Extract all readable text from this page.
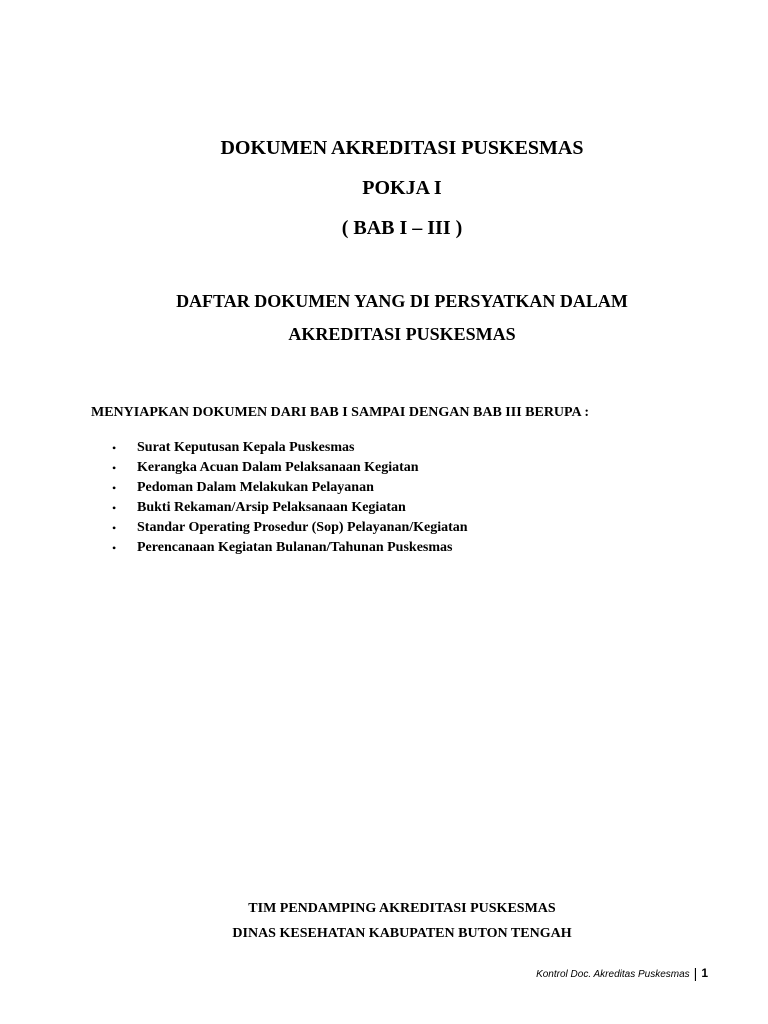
DOKUMEN AKREDITASI PUSKESMAS
POKJA I
( BAB I – III )
DAFTAR DOKUMEN YANG DI PERSYATKAN DALAM
AKREDITASI PUSKESMAS
MENYIAPKAN DOKUMEN DARI BAB I SAMPAI DENGAN BAB III BERUPA :
•	Surat Keputusan Kepala Puskesmas
•	Kerangka Acuan Dalam Pelaksanaan Kegiatan
•	Pedoman Dalam Melakukan Pelayanan
•	Bukti Rekaman/Arsip Pelaksanaan Kegiatan
•	Standar Operating Prosedur (Sop) Pelayanan/Kegiatan
•	Perencanaan Kegiatan Bulanan/Tahunan Puskesmas
TIM PENDAMPING AKREDITASI PUSKESMAS
DINAS KESEHATAN KABUPATEN BUTON TENGAH
Kontrol Doc. Akreditas Puskesmas | 1
